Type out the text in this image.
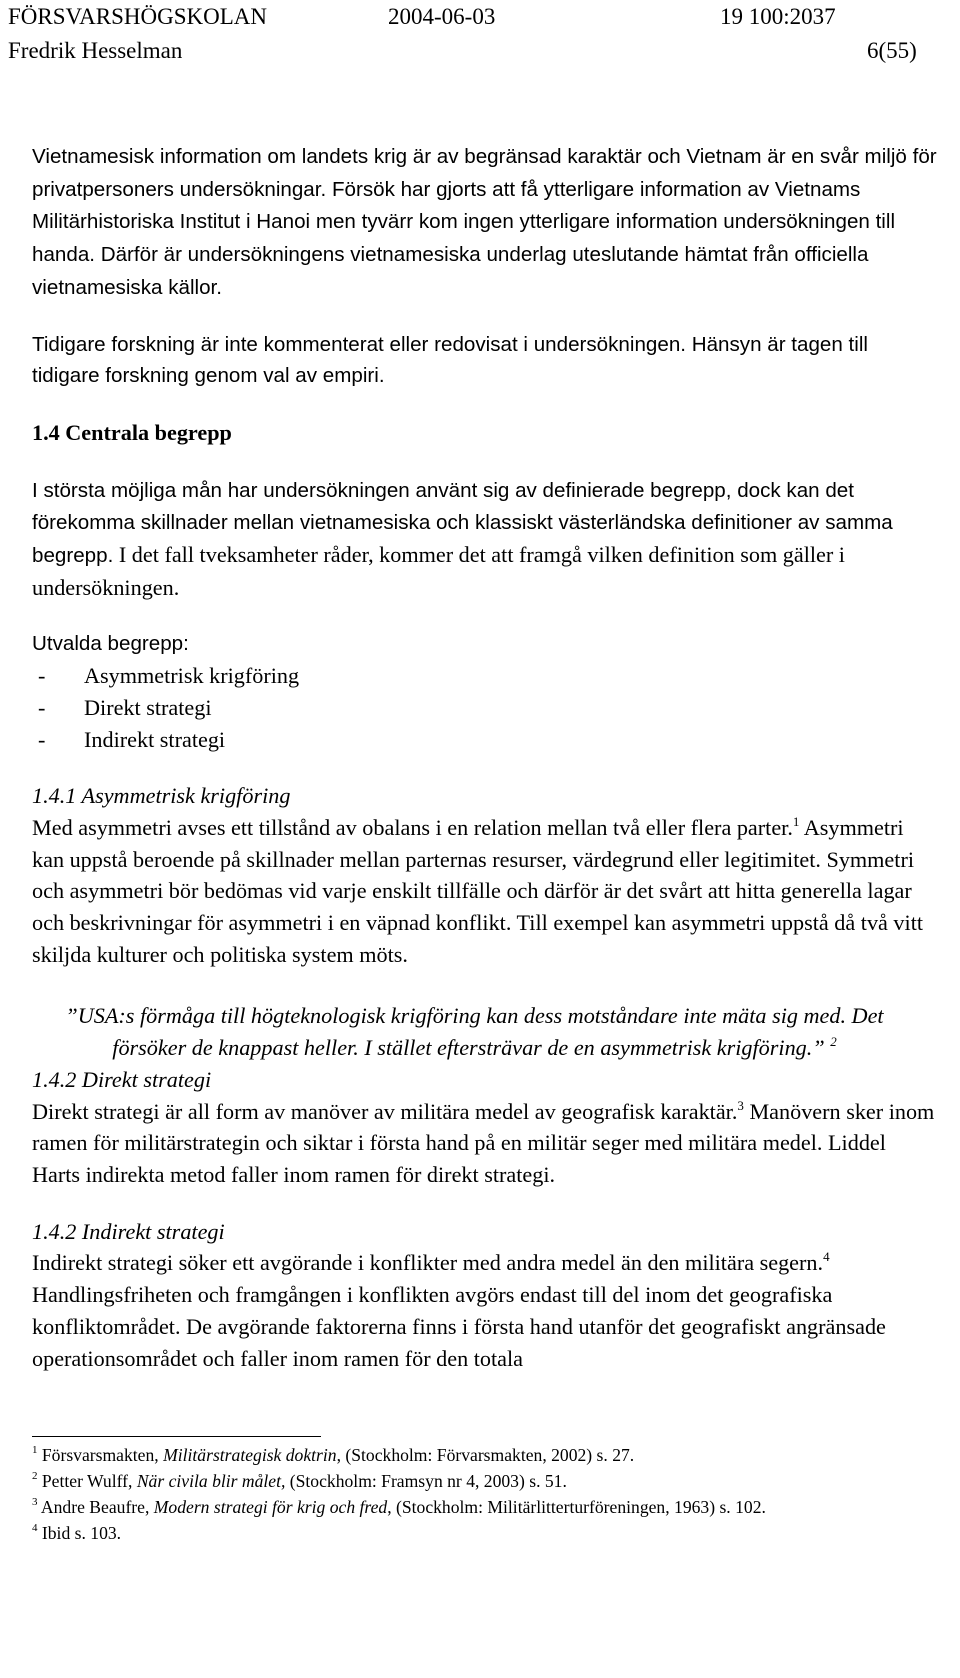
FÖRSVARSHÖGSKOLAN	2004-06-03	19 100:2037
Fredrik Hesselman	6(55)

Vietnamesisk information om landets krig är av begränsad karaktär och Vietnam är en svår miljö för privatpersoners undersökningar. Försök har gjorts att få ytterligare information av Vietnams Militärhistoriska Institut i Hanoi men tyvärr kom ingen ytterligare information undersökningen till handa. Därför är undersökningens vietnamesiska underlag uteslutande hämtat från officiella vietnamesiska källor.

Tidigare forskning är inte kommenterat eller redovisat i undersökningen. Hänsyn är tagen till tidigare forskning genom val av empiri.

1.4 Centrala begrepp

I största möjliga mån har undersökningen använt sig av definierade begrepp, dock kan det förekomma skillnader mellan vietnamesiska och klassiskt västerländska definitioner av samma begrepp. I det fall tveksamheter råder, kommer det att framgå vilken definition som gäller i undersökningen.

Utvalda begrepp:

-	Asymmetrisk krigföring
-	Direkt strategi
-	Indirekt strategi

1.4.1 Asymmetrisk krigföring

Med asymmetri avses ett tillstånd av obalans i en relation mellan två eller flera parter.$^1$ Asymmetri kan uppstå beroende på skillnader mellan parternas resurser, värdegrund eller legitimitet. Symmetri och asymmetri bör bedömas vid varje enskilt tillfälle och därför är det svårt att hitta generella lagar och beskrivningar för asymmetri i en väpnad konflikt. Till exempel kan asymmetri uppstå då två vitt skiljda kulturer och politiska system möts.

”USA:s förmåga till högteknologisk krigföring kan dess motståndare inte mäta sig med. Det försöker de knappast heller. I stället eftersträvar de en asymmetrisk krigföring.” $^2$

1.4.2 Direkt strategi

Direkt strategi är all form av manöver av militära medel av geografisk karaktär.$^3$ Manövern sker inom ramen för militärstrategin och siktar i första hand på en militär seger med militära medel. Liddel Harts indirekta metod faller inom ramen för direkt strategi.

1.4.2 Indirekt strategi

Indirekt strategi söker ett avgörande i konflikter med andra medel än den militära segern.$^4$ Handlingsfriheten och framgången i konflikten avgörs endast till del inom det geografiska konfliktområdet. De avgörande faktorerna finns i första hand utanför det geografiskt angränsade operationsområdet och faller inom ramen för den totala

$^1$ Försvarsmakten, Militärstrategisk doktrin, (Stockholm: Förvarsmakten, 2002) s. 27.

$^2$ Petter Wulff, När civila blir målet, (Stockholm: Framsyn nr 4, 2003) s. 51.

$^3$ Andre Beaufre, Modern strategi för krig och fred, (Stockholm: Militärlitterturföreningen, 1963) s. 102.

$^4$ Ibid s. 103.
